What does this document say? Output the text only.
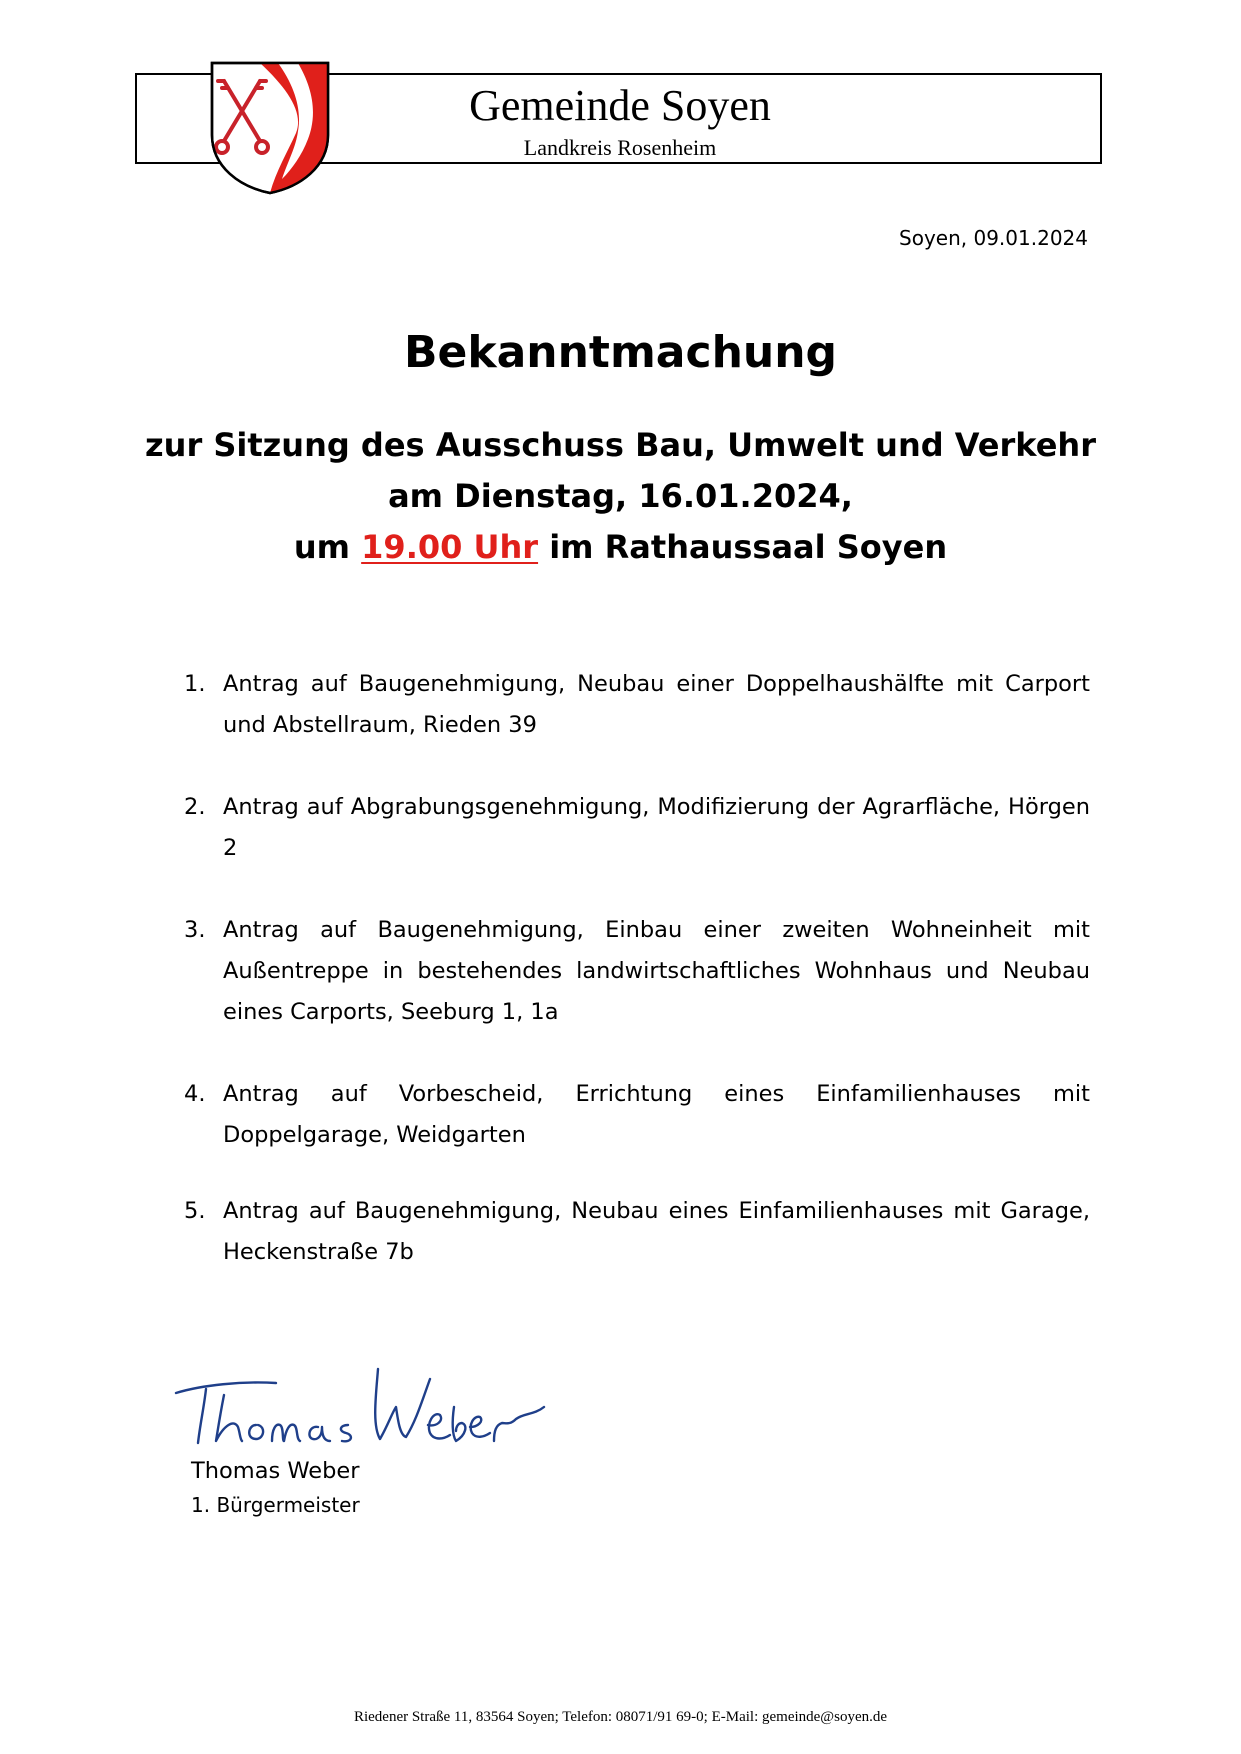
Gemeinde Soyen
Landkreis Rosenheim
Soyen, 09.01.2024
Bekanntmachung
zur Sitzung des Ausschuss Bau, Umwelt und Verkehr
am Dienstag, 16.01.2024,
um 19.00 Uhr im Rathaussaal Soyen
1. Antrag auf Baugenehmigung, Neubau einer Doppelhaushälfte mit Carport und Abstellraum, Rieden 39
2. Antrag auf Abgrabungsgenehmigung, Modifizierung der Agrarfläche, Hörgen 2
3. Antrag auf Baugenehmigung, Einbau einer zweiten Wohneinheit mit Außentreppe in bestehendes landwirtschaftliches Wohnhaus und Neubau eines Carports, Seeburg 1, 1a
4. Antrag auf Vorbescheid, Errichtung eines Einfamilienhauses mit Doppelgarage, Weidgarten
5. Antrag auf Baugenehmigung, Neubau eines Einfamilienhauses mit Garage, Heckenstraße 7b
Thomas Weber
1. Bürgermeister
Riedener Straße 11, 83564 Soyen; Telefon: 08071/91 69-0; E-Mail: gemeinde@soyen.de
